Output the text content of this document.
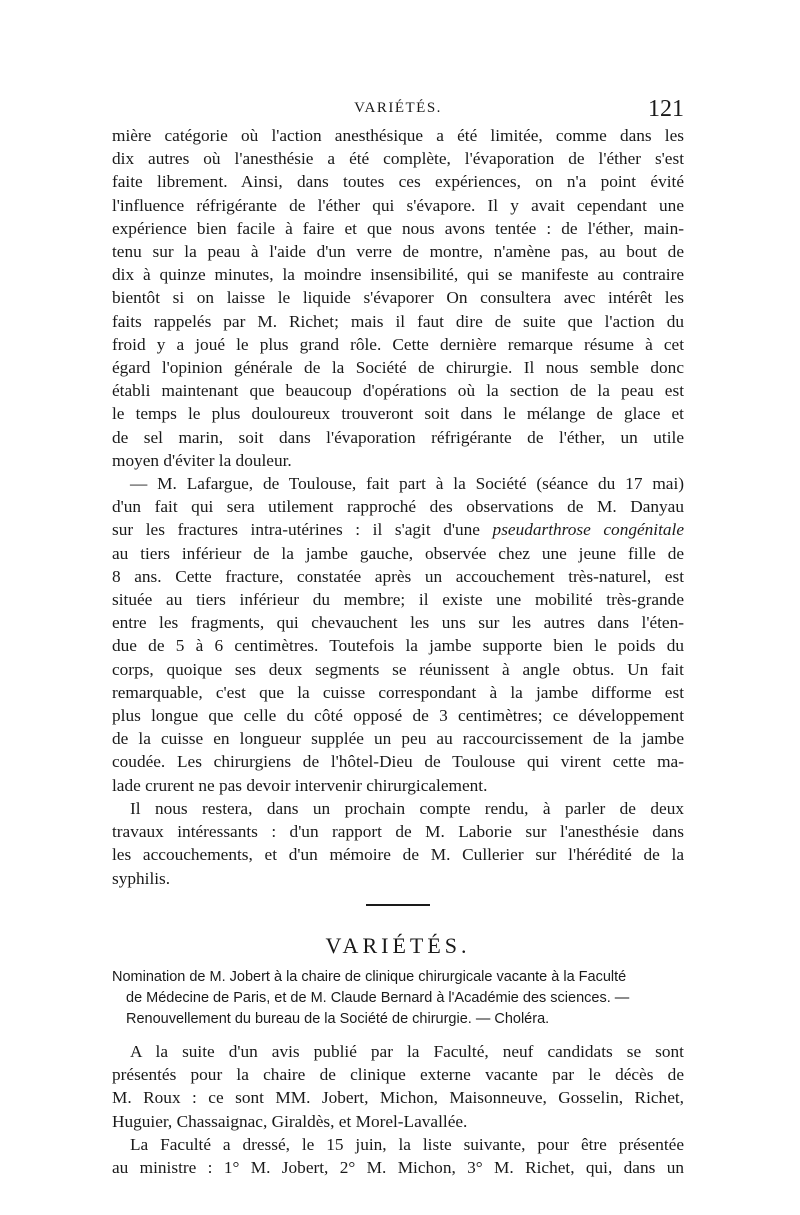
VARIÉTÉS.	121

mière catégorie où l'action anesthésique a été limitée, comme dans les
dix autres où l'anesthésie a été complète, l'évaporation de l'éther s'est
faite librement. Ainsi, dans toutes ces expériences, on n'a point évité
l'influence réfrigérante de l'éther qui s'évapore. Il y avait cependant une
expérience bien facile à faire et que nous avons tentée : de l'éther, main-
tenu sur la peau à l'aide d'un verre de montre, n'amène pas, au bout de
dix à quinze minutes, la moindre insensibilité, qui se manifeste au contraire
bientôt si on laisse le liquide s'évaporer On consultera avec intérêt les
faits rappelés par M. Richet; mais il faut dire de suite que l'action du
froid y a joué le plus grand rôle. Cette dernière remarque résume à cet
égard l'opinion générale de la Société de chirurgie. Il nous semble donc
établi maintenant que beaucoup d'opérations où la section de la peau est
le temps le plus douloureux trouveront soit dans le mélange de glace et
de sel marin, soit dans l'évaporation réfrigérante de l'éther, un utile
moyen d'éviter la douleur.

— M. Lafargue, de Toulouse, fait part à la Société (séance du 17 mai)
d'un fait qui sera utilement rapproché des observations de M. Danyau
sur les fractures intra-utérines : il s'agit d'une pseudarthrose congénitale
au tiers inférieur de la jambe gauche, observée chez une jeune fille de
8 ans. Cette fracture, constatée après un accouchement très-naturel, est
située au tiers inférieur du membre; il existe une mobilité très-grande
entre les fragments, qui chevauchent les uns sur les autres dans l'éten-
due de 5 à 6 centimètres. Toutefois la jambe supporte bien le poids du
corps, quoique ses deux segments se réunissent à angle obtus. Un fait
remarquable, c'est que la cuisse correspondant à la jambe difforme est
plus longue que celle du côté opposé de 3 centimètres; ce développement
de la cuisse en longueur supplée un peu au raccourcissement de la jambe
coudée. Les chirurgiens de l'hôtel-Dieu de Toulouse qui virent cette ma-
lade crurent ne pas devoir intervenir chirurgicalement.

Il nous restera, dans un prochain compte rendu, à parler de deux
travaux intéressants : d'un rapport de M. Laborie sur l'anesthésie dans
les accouchements, et d'un mémoire de M. Cullerier sur l'hérédité de la
syphilis.

VARIÉTÉS.
Nomination de M. Jobert à la chaire de clinique chirurgicale vacante à la Faculté
de Médecine de Paris, et de M. Claude Bernard à l'Académie des sciences. —
Renouvellement du bureau de la Société de chirurgie. — Choléra.

A la suite d'un avis publié par la Faculté, neuf candidats se sont
présentés pour la chaire de clinique externe vacante par le décès de
M. Roux : ce sont MM. Jobert, Michon, Maisonneuve, Gosselin, Richet,
Huguier, Chassaignac, Giraldès, et Morel-Lavallée.

La Faculté a dressé, le 15 juin, la liste suivante, pour être présentée
au ministre : 1° M. Jobert, 2° M. Michon, 3° M. Richet, qui, dans un
